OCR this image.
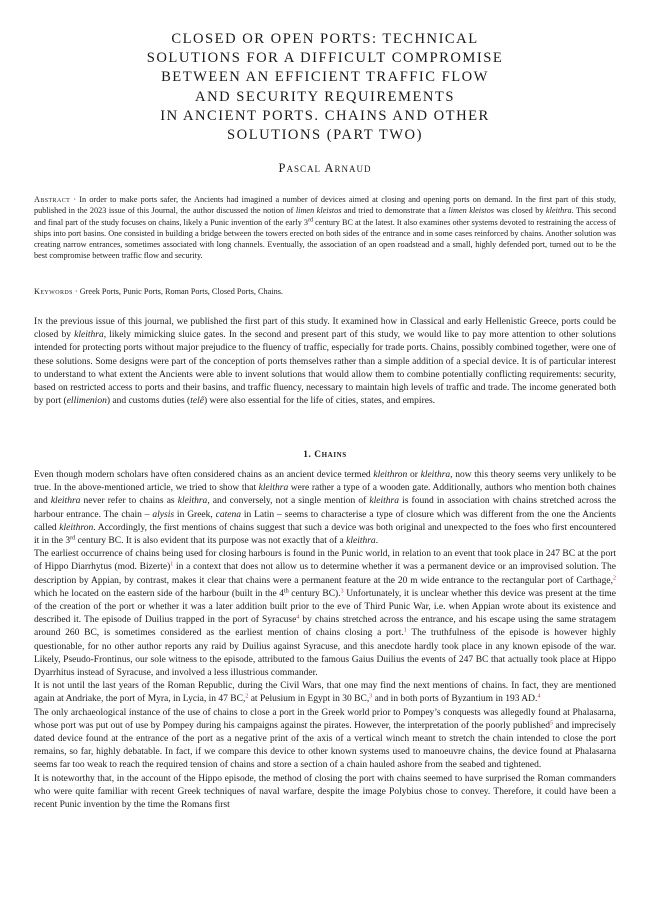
CLOSED OR OPEN PORTS: TECHNICAL
SOLUTIONS FOR A DIFFICULT COMPROMISE
BETWEEN AN EFFICIENT TRAFFIC FLOW
AND SECURITY REQUIREMENTS
IN ANCIENT PORTS. CHAINS AND OTHER
SOLUTIONS (PART TWO)

Pascal Arnaud

Abstract · In order to make ports safer, the Ancients had imagined a number of devices aimed at closing and opening ports on demand. In the first part of this study, published in the 2023 issue of this Journal, the author discussed the notion of limen kleistos and tried to demonstrate that a limen kleistos was closed by kleithra. This second and final part of the study focuses on chains, likely a Punic invention of the early 3rd century BC at the latest. It also examines other systems devoted to restraining the access of ships into port basins. One consisted in building a bridge between the towers erected on both sides of the entrance and in some cases reinforced by chains. Another solution was creating narrow entrances, sometimes associated with long channels. Eventually, the association of an open roadstead and a small, highly defended port, turned out to be the best compromise between traffic flow and security.

Keywords · Greek Ports, Punic Ports, Roman Ports, Closed Ports, Chains.

In the previous issue of this journal, we published the first part of this study. It examined how in Classical and early Hellenistic Greece, ports could be closed by kleithra, likely mimicking sluice gates. In the second and present part of this study, we would like to pay more attention to other solutions intended for protecting ports without major prejudice to the fluency of traffic, especially for trade ports. Chains, possibly combined together, were one of these solutions. Some designs were part of the conception of ports themselves rather than a simple addition of a special device. It is of particular interest to understand to what extent the Ancients were able to invent solutions that would allow them to combine potentially conflicting requirements: security, based on restricted access to ports and their basins, and traffic fluency, necessary to maintain high levels of traffic and trade. The income generated both by port (ellimenion) and customs duties (telê) were also essential for the life of cities, states, and empires.

1. Chains

Even though modern scholars have often considered chains as an ancient device termed kleithron or kleithra, now this theory seems very unlikely to be true. In the above-mentioned article, we tried to show that kleithra were rather a type of a wooden gate. Additionally, authors who mention both chaines and kleithra never refer to chains as kleithra, and conversely, not a single mention of kleithra is found in association with chains stretched across the harbour entrance. The chain – alysis in Greek, catena in Latin – seems to characterise a type of closure which was different from the one the Ancients called kleithron. Accordingly, the first mentions of chains suggest that such a device was both original and unexpected to the foes who first encountered it in the 3rd century BC. It is also evident that its purpose was not exactly that of a kleithra.

The earliest occurrence of chains being used for closing harbours is found in the Punic world, in relation to an event that took place in 247 BC at the port of Hippo Diarrhytus (mod. Bizerte)$^1$ in a context that does not allow us to determine whether it was a permanent device or an improvised solution. The description by Appian, by contrast, makes it clear that chains were a permanent feature at the 20 m wide entrance to the rectangular port of Carthage,$^2$ which he located on the eastern side of the harbour (built in the 4th century BC).$^3$ Unfortunately, it is unclear whether this device was present at the time of the creation of the port or whether it was a later addition built prior to the eve of Third Punic War, i.e. when Appian wrote about its existence and described it. The episode of Duilius trapped in the port of Syracuse$^4$ by chains stretched across the entrance, and his escape using the same stratagem around 260 BC, is sometimes considered as the earliest mention of chains closing a port.$^1$ The truthfulness of the episode is however highly questionable, for no other author reports any raid by Duilius against Syracuse, and this anecdote hardly took place in any known episode of the war. Likely, Pseudo-Frontinus, our sole witness to the episode, attributed to the famous Gaius Duilius the events of 247 BC that actually took place at Hippo Dyarrhitus instead of Syracuse, and involved a less illustrious commander.

It is not until the last years of the Roman Republic, during the Civil Wars, that one may find the next mentions of chains. In fact, they are mentioned again at Andriake, the port of Myra, in Lycia, in 47 BC,$^2$ at Pelusium in Egypt in 30 BC,$^3$ and in both ports of Byzantium in 193 AD.$^4$

The only archaeological instance of the use of chains to close a port in the Greek world prior to Pompey’s conquests was allegedly found at Phalasarna, whose port was put out of use by Pompey during his campaigns against the pirates. However, the interpretation of the poorly published$^5$ and imprecisely dated device found at the entrance of the port as a negative print of the axis of a vertical winch meant to stretch the chain intended to close the port remains, so far, highly debatable. In fact, if we compare this device to other known systems used to manoeuvre chains, the device found at Phalasarna seems far too weak to reach the required tension of chains and store a section of a chain hauled ashore from the seabed and tightened.

It is noteworthy that, in the account of the Hippo episode, the method of closing the port with chains seemed to have surprised the Roman commanders who were quite familiar with recent Greek techniques of naval warfare, despite the image Polybius chose to convey. Therefore, it could have been a recent Punic invention by the time the Romans first
